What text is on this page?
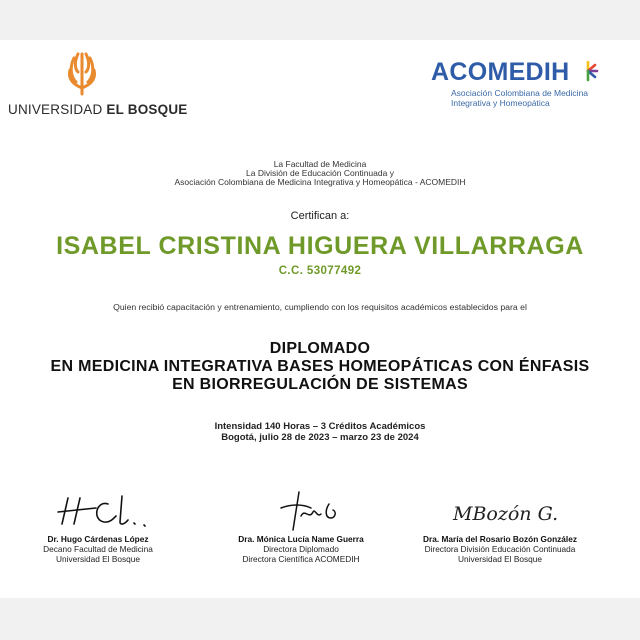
UNIVERSIDAD EL BOSQUE
ACOMEDIH
Asociación Colombiana de Medicina
Integrativa y Homeopática
La Facultad de Medicina
La División de Educación Continuada y
Asociación Colombiana de Medicina Integrativa y Homeopática - ACOMEDIH
Certifican a:
ISABEL CRISTINA HIGUERA VILLARRAGA
C.C. 53077492
Quien recibió capacitación y entrenamiento, cumpliendo con los requisitos académicos establecidos para el
DIPLOMADO
EN MEDICINA INTEGRATIVA BASES HOMEOPÁTICAS CON ÉNFASIS
EN BIORREGULACIÓN DE SISTEMAS
Intensidad 140 Horas – 3 Créditos Académicos
Bogotá, julio 28 de 2023 – marzo 23 de 2024
Dr. Hugo Cárdenas López
Decano Facultad de Medicina
Universidad El Bosque
Dra. Mónica Lucía Name Guerra
Directora Diplomado
Directora Científica ACOMEDIH
MBozón G.
Dra. María del Rosario Bozón González
Directora División Educación Continuada
Universidad El Bosque
